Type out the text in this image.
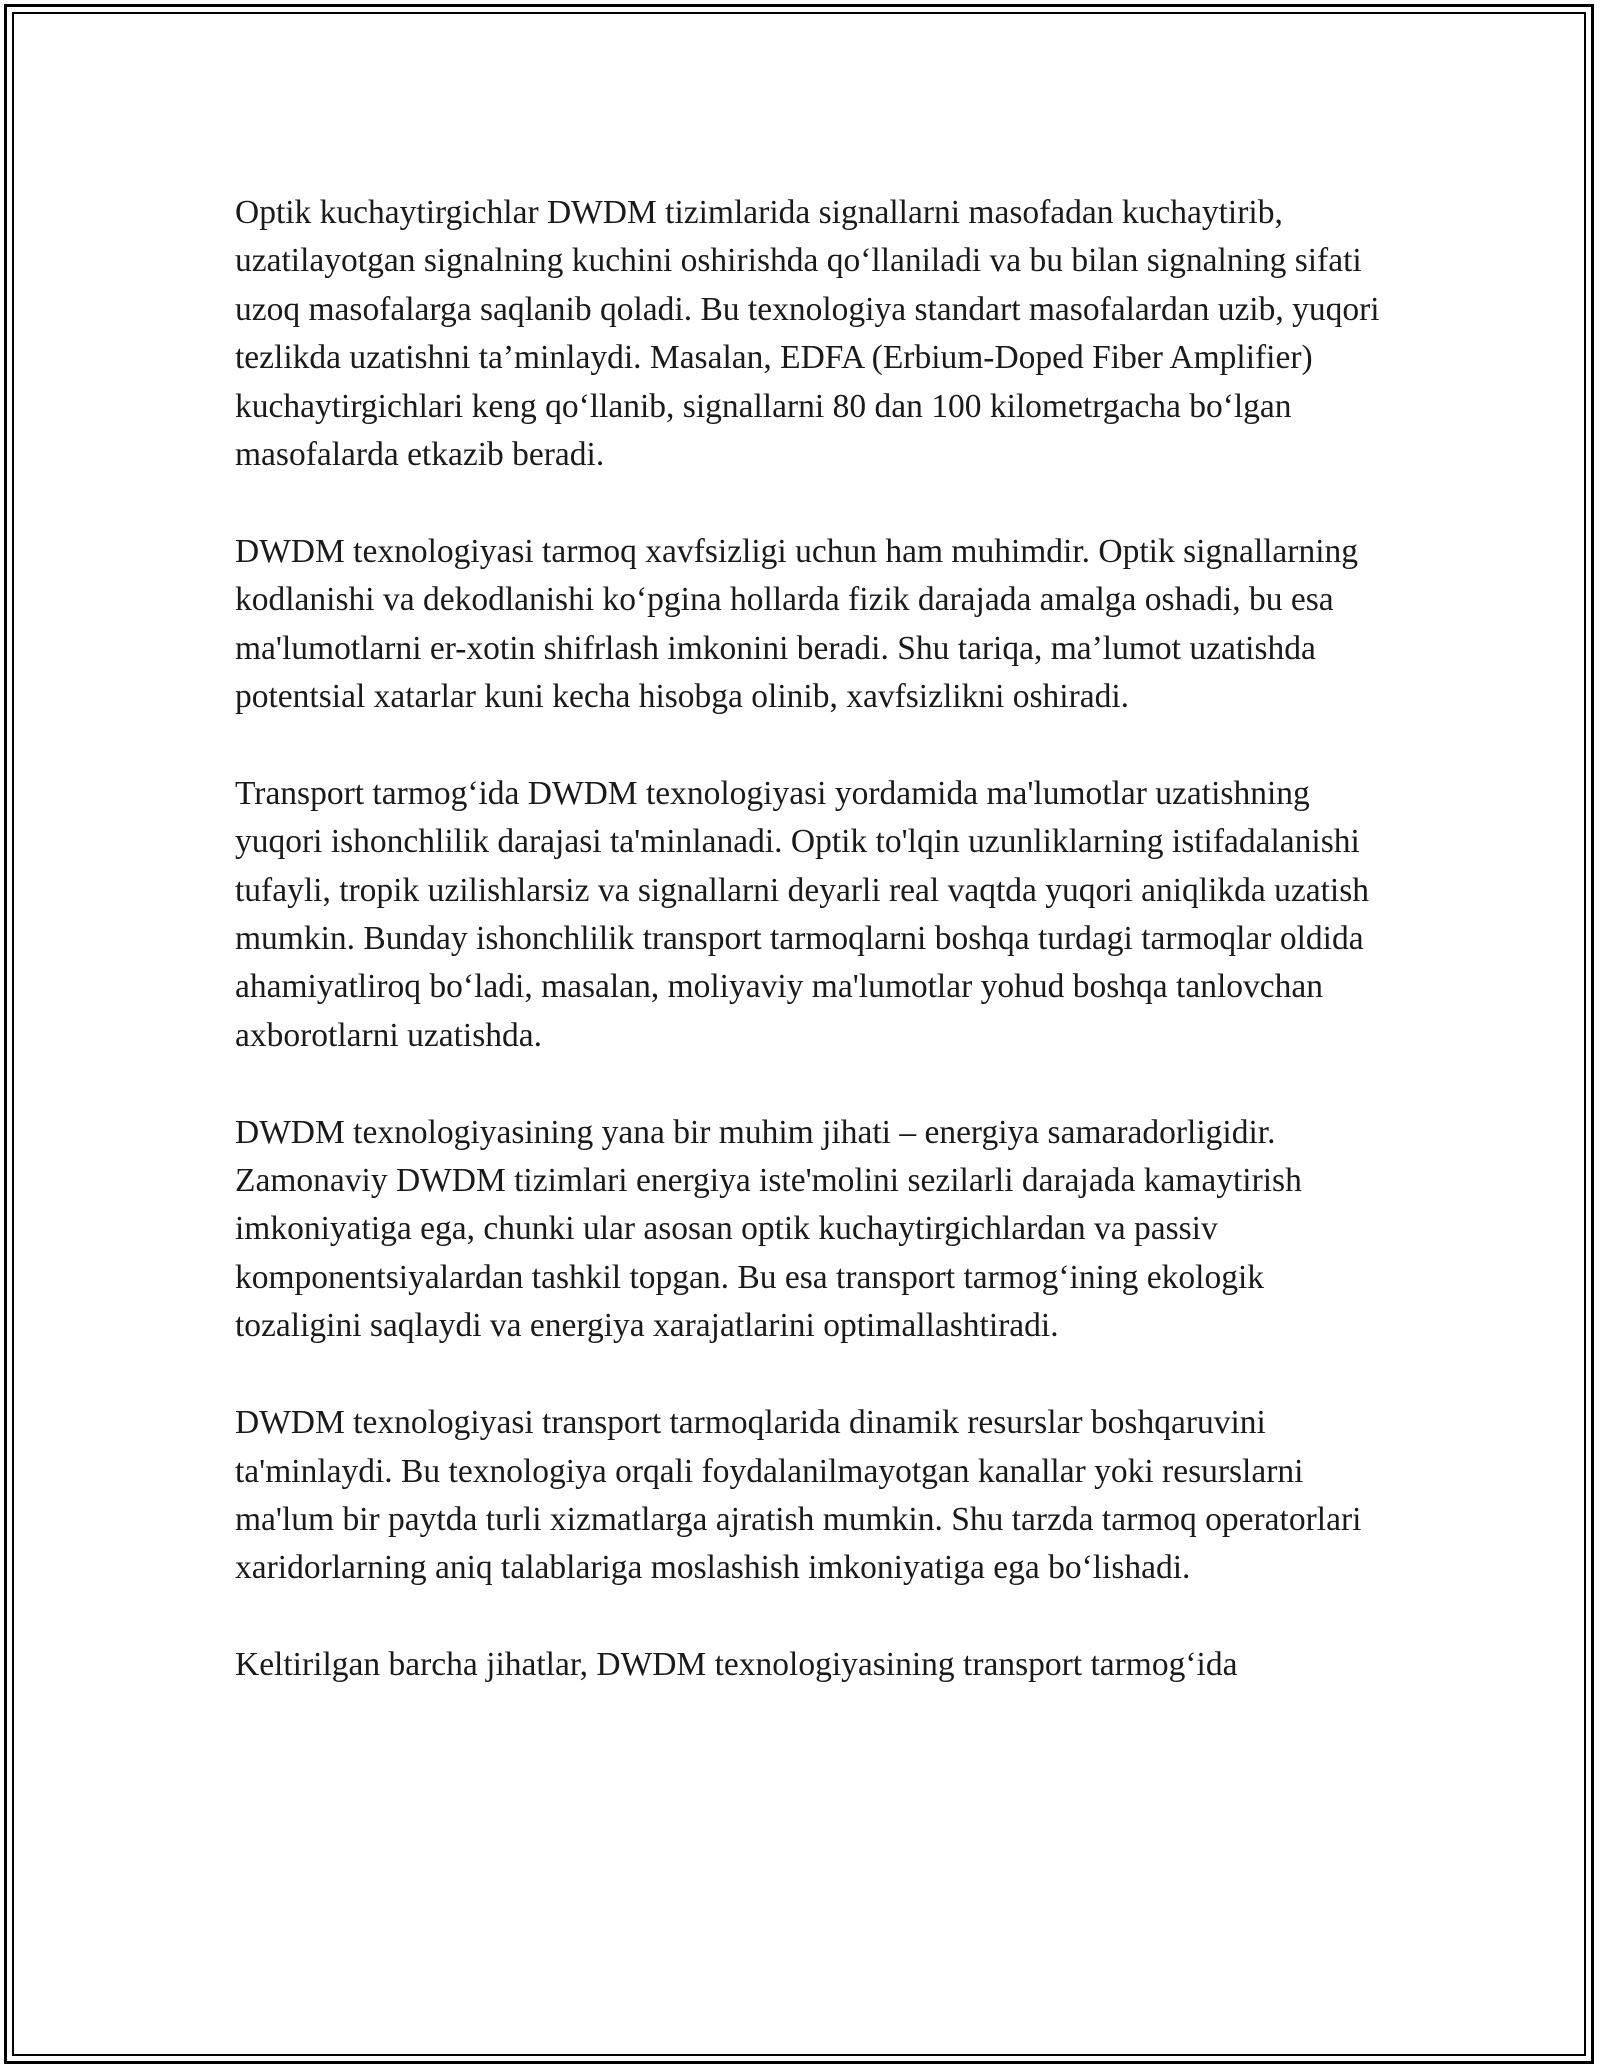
Optik kuchaytirgichlar DWDM tizimlarida signallarni masofadan kuchaytirib, uzatilayotgan signalning kuchini oshirishda qo‘llaniladi va bu bilan signalning sifati uzoq masofalarga saqlanib qoladi. Bu texnologiya standart masofalardan uzib, yuqori tezlikda uzatishni ta’minlaydi. Masalan, EDFA (Erbium-Doped Fiber Amplifier) kuchaytirgichlari keng qo‘llanib, signallarni 80 dan 100 kilometrgacha bo‘lgan masofalarda etkazib beradi.

DWDM texnologiyasi tarmoq xavfsizligi uchun ham muhimdir. Optik signallarning kodlanishi va dekodlanishi ko‘pgina hollarda fizik darajada amalga oshadi, bu esa ma'lumotlarni er-xotin shifrlash imkonini beradi. Shu tariqa, ma’lumot uzatishda potentsial xatarlar kuni kecha hisobga olinib, xavfsizlikni oshiradi.

Transport tarmog‘ida DWDM texnologiyasi yordamida ma'lumotlar uzatishning yuqori ishonchlilik darajasi ta'minlanadi. Optik to'lqin uzunliklarning istifadalanishi tufayli, tropik uzilishlarsiz va signallarni deyarli real vaqtda yuqori aniqlikda uzatish mumkin. Bunday ishonchlilik transport tarmoqlarni boshqa turdagi tarmoqlar oldida ahamiyatliroq bo‘ladi, masalan, moliyaviy ma'lumotlar yohud boshqa tanlovchan axborotlarni uzatishda.

DWDM texnologiyasining yana bir muhim jihati – energiya samaradorligidir. Zamonaviy DWDM tizimlari energiya iste'molini sezilarli darajada kamaytirish imkoniyatiga ega, chunki ular asosan optik kuchaytirgichlardan va passiv komponentsiyalardan tashkil topgan. Bu esa transport tarmog‘ining ekologik tozaligini saqlaydi va energiya xarajatlarini optimallashtiradi.

DWDM texnologiyasi transport tarmoqlarida dinamik resurslar boshqaruvini ta'minlaydi. Bu texnologiya orqali foydalanilmayotgan kanallar yoki resurslarni ma'lum bir paytda turli xizmatlarga ajratish mumkin. Shu tarzda tarmoq operatorlari xaridorlarning aniq talablariga moslashish imkoniyatiga ega bo‘lishadi.

Keltirilgan barcha jihatlar, DWDM texnologiyasining transport tarmog‘ida
